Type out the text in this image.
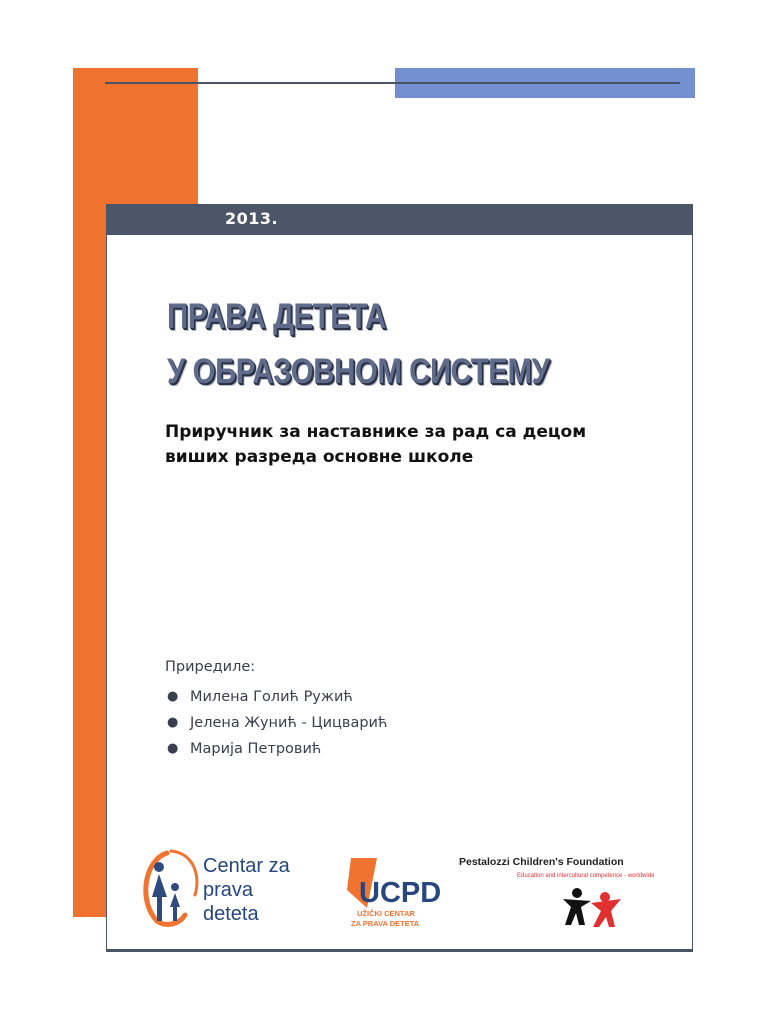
2013.
ПРАВА ДЕТЕТА
У ОБРАЗОВНОМ СИСТЕМУ
Приручник за наставнике за рад са децом
виших разреда основне школе
Приредиле:
● Милена Голић Ружић
● Јелена Жунић - Цицварић
● Марија Петровић
Centar za
prava
deteta
UCPD
UŽIČKI CENTAR
ZA PRAVA DETETA
Pestalozzi Children's Foundation
Education and intercultural competence - worldwide
